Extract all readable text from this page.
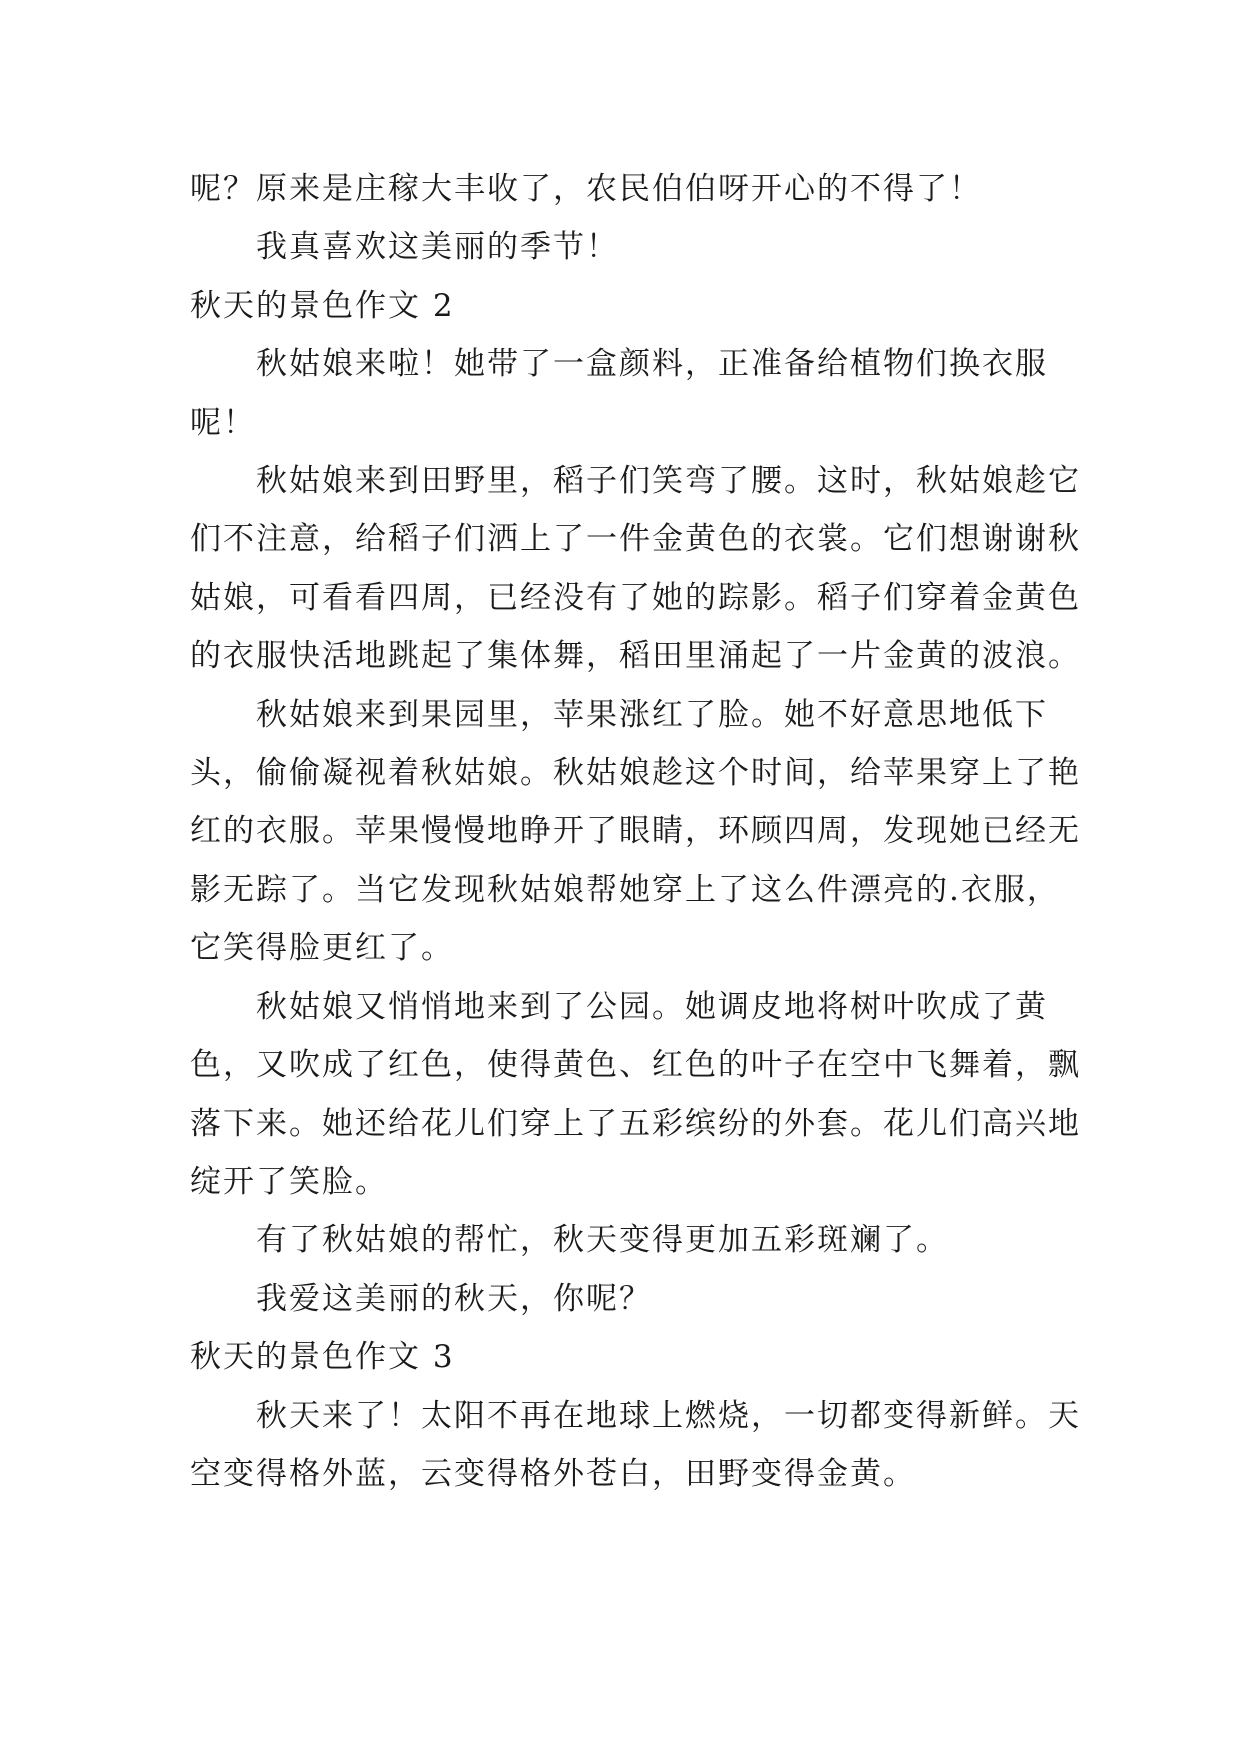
呢？原来是庄稼大丰收了，农民伯伯呀开心的不得了！

我真喜欢这美丽的季节！

秋天的景色作文 2

秋姑娘来啦！她带了一盒颜料，正准备给植物们换衣服呢！

秋姑娘来到田野里，稻子们笑弯了腰。这时，秋姑娘趁它们不注意，给稻子们洒上了一件金黄色的衣裳。它们想谢谢秋姑娘，可看看四周，已经没有了她的踪影。稻子们穿着金黄色的衣服快活地跳起了集体舞，稻田里涌起了一片金黄的波浪。

秋姑娘来到果园里，苹果涨红了脸。她不好意思地低下头，偷偷凝视着秋姑娘。秋姑娘趁这个时间，给苹果穿上了艳红的衣服。苹果慢慢地睁开了眼睛，环顾四周，发现她已经无影无踪了。当它发现秋姑娘帮她穿上了这么件漂亮的.衣服，它笑得脸更红了。

秋姑娘又悄悄地来到了公园。她调皮地将树叶吹成了黄色，又吹成了红色，使得黄色、红色的叶子在空中飞舞着，飘落下来。她还给花儿们穿上了五彩缤纷的外套。花儿们高兴地绽开了笑脸。

有了秋姑娘的帮忙，秋天变得更加五彩斑斓了。

我爱这美丽的秋天，你呢？

秋天的景色作文 3

秋天来了！太阳不再在地球上燃烧，一切都变得新鲜。天空变得格外蓝，云变得格外苍白，田野变得金黄。
